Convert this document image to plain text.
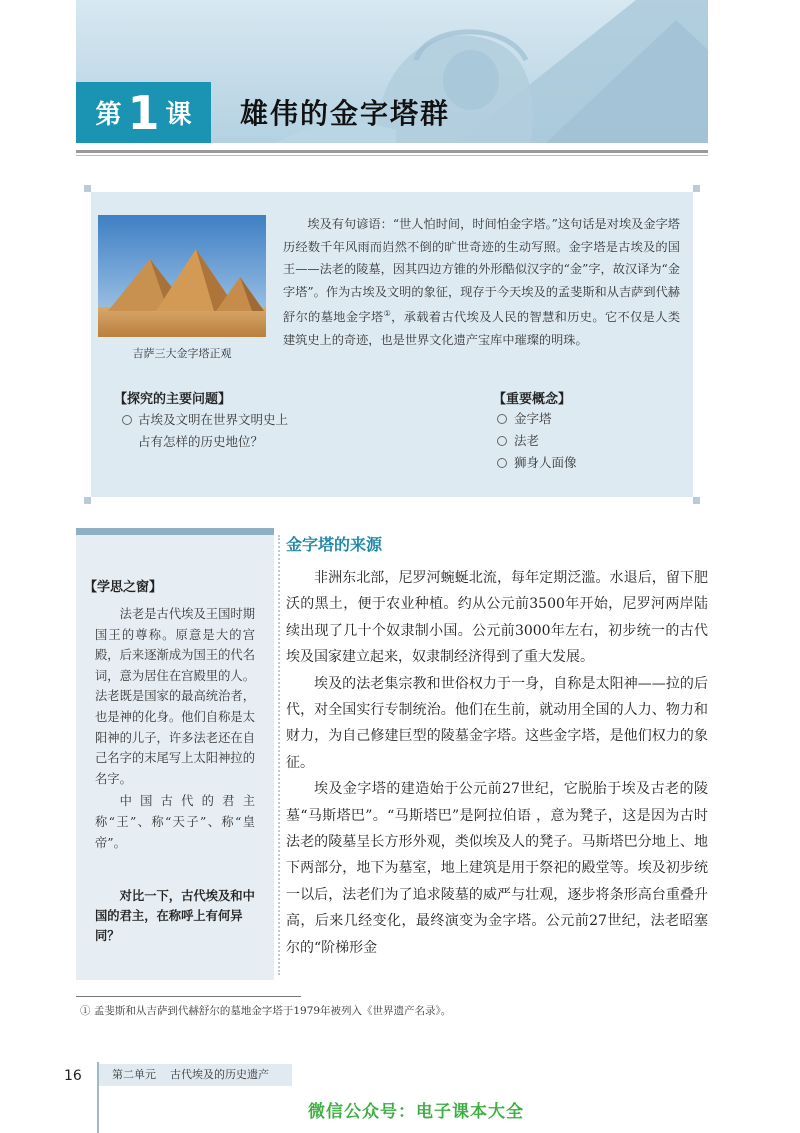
第 1 课 雄伟的金字塔群
吉萨三大金字塔正观

埃及有句谚语：“世人怕时间，时间怕金字塔。”这句话是对埃及金字塔历经数千年风雨而岿然不倒的旷世奇迹的生动写照。金字塔是古埃及的国王——法老的陵墓，因其四边方锥的外形酷似汉字的“金”字，故汉译为“金字塔”。作为古埃及文明的象征，现存于今天埃及的孟斐斯和从吉萨到代赫舒尔的墓地金字塔①，承载着古代埃及人民的智慧和历史。它不仅是人类建筑史上的奇迹，也是世界文化遗产宝库中璀璨的明珠。

【探究的主要问题】
古埃及文明在世界文明史上
占有怎样的历史地位？
【重要概念】
金字塔
法老
狮身人面像
【学思之窗】

法老是古代埃及王国时期国王的尊称。原意是大的宫殿，后来逐渐成为国王的代名词，意为居住在宫殿里的人。法老既是国家的最高统治者，也是神的化身。他们自称是太阳神的儿子，许多法老还在自己名字的末尾写上太阳神拉的名字。

中国古代的君主称“王”、称“天子”、称“皇帝”。

对比一下，古代埃及和中国的君主，在称呼上有何异同？
金字塔的来源

非洲东北部，尼罗河蜿蜒北流，每年定期泛滥。水退后，留下肥沃的黑土，便于农业种植。约从公元前3500年开始，尼罗河两岸陆续出现了几十个奴隶制小国。公元前3000年左右，初步统一的古代埃及国家建立起来，奴隶制经济得到了重大发展。

埃及的法老集宗教和世俗权力于一身，自称是太阳神——拉的后代，对全国实行专制统治。他们在生前，就动用全国的人力、物力和财力，为自己修建巨型的陵墓金字塔。这些金字塔，是他们权力的象征。

埃及金字塔的建造始于公元前27世纪，它脱胎于埃及古老的陵墓“马斯塔巴”。“马斯塔巴”是阿拉伯语 ，意为凳子，这是因为古时法老的陵墓呈长方形外观，类似埃及人的凳子。马斯塔巴分地上、地下两部分，地下为墓室，地上建筑是用于祭祀的殿堂等。埃及初步统一以后，法老们为了追求陵墓的威严与壮观，逐步将条形高台重叠升高，后来几经变化，最终演变为金字塔。公元前27世纪，法老昭塞尔的“阶梯形金

① 孟斐斯和从吉萨到代赫舒尔的墓地金字塔于1979年被列入《世界遗产名录》。
16	第二单元 古代埃及的历史遗产
微信公众号：电子课本大全
